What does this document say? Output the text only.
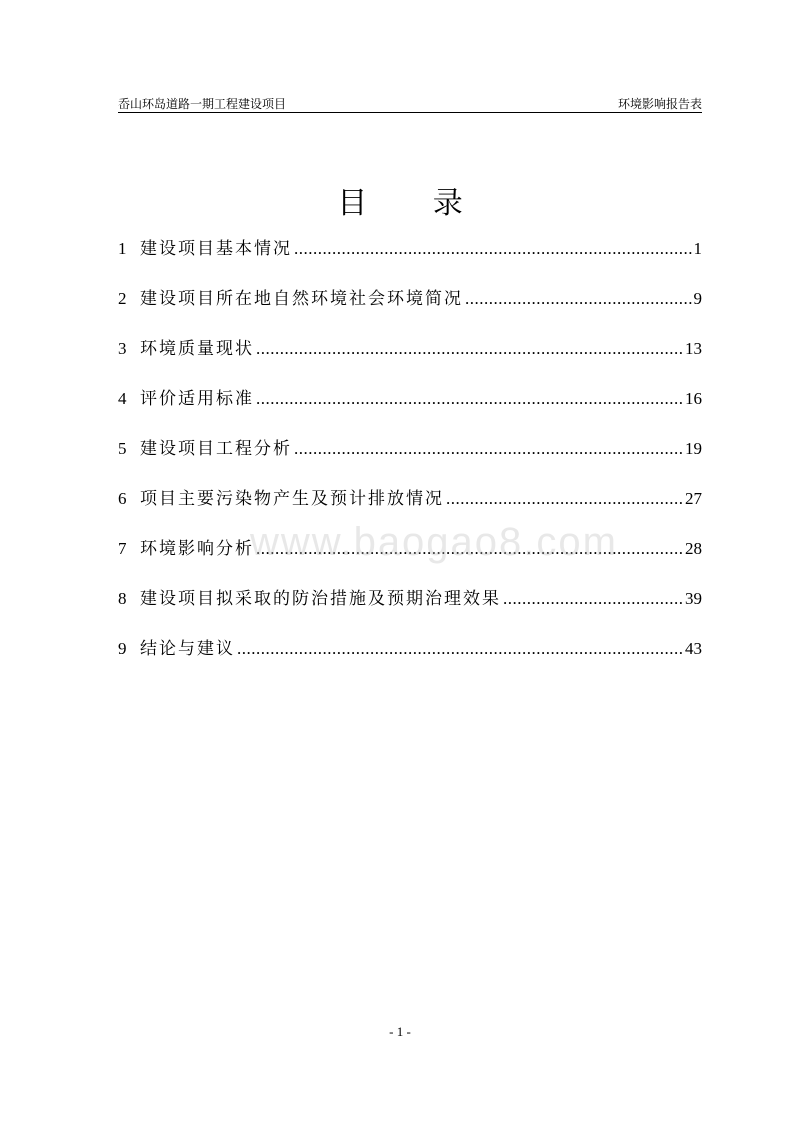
岙山环岛道路一期工程建设项目	环境影响报告表
目 录
1 建设项目基本情况 .....	1
2 建设项目所在地自然环境社会环境简况 .....	9
3 环境质量现状 .....	13
4 评价适用标准 .....	16
5 建设项目工程分析 .....	19
6 项目主要污染物产生及预计排放情况 .....	27
7 环境影响分析 .....	28
8 建设项目拟采取的防治措施及预期治理效果 .....	39
9 结论与建议 .....	43
www.baogao8.com
- 1 -
